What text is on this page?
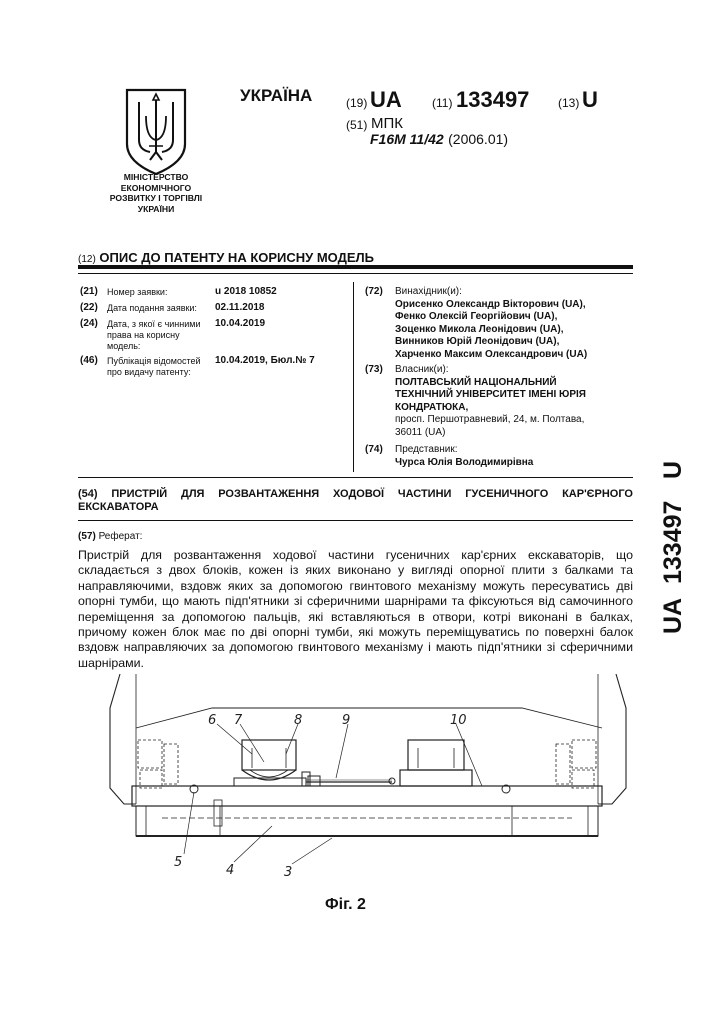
МІНІСТЕРСТВО
ЕКОНОМІЧНОГО
РОЗВИТКУ І ТОРГІВЛІ
УКРАЇНИ
УКРАЇНА	(19) UA	(11) 133497 (13) U
(51) МПК
F16M 11/42 (2006.01)
(12) ОПИС ДО ПАТЕНТУ НА КОРИСНУ МОДЕЛЬ
(21) Номер заявки:	u 2018 10852
(22) Дата подання заявки: 02.11.2018
(24) Дата, з якої є чинними права на корисну модель:
10.04.2019
(46) Публікація відомостей про видачу патенту:
10.04.2019, Бюл.№ 7
(72) Винахідник(и):
Орисенко Олександр Вікторович (UA),
Фенко Олексій Георгійович (UA),
Зоценко Микола Леонідович (UA),
Винников Юрій Леонідович (UA),
Харченко Максим Олександрович (UA)
(73) Власник(и):
ПОЛТАВСЬКИЙ НАЦІОНАЛЬНИЙ
ТЕХНІЧНИЙ УНІВЕРСИТЕТ ІМЕНІ ЮРІЯ
КОНДРАТЮКА,
просп. Першотравневий, 24, м. Полтава,
36011 (UA)
(74) Представник:
Чурса Юлія Володимирівна
(54) ПРИСТРІЙ ДЛЯ РОЗВАНТАЖЕННЯ ХОДОВОЇ ЧАСТИНИ ГУСЕНИЧНОГО КАР'ЄРНОГО ЕКСКАВАТОРА
(57) Реферат:
Пристрій для розвантаження ходової частини гусеничних кар'єрних екскаваторів, що складається з двох блоків, кожен із яких виконано у вигляді опорної плити з балками та направляючими, вздовж яких за допомогою гвинтового механізму можуть пересуватись дві опорні тумби, що мають підп'ятники зі сферичними шарнірами та фіксуються від самочинного переміщення за допомогою пальців, які вставляються в отвори, котрі виконані в балках, причому кожен блок має по дві опорні тумби, які можуть переміщуватись по поверхні балок вздовж направляючих за допомогою гвинтового механізму і мають підп'ятники зі сферичними шарнірами.
UA
133497
U
6 7	8	9	10
5
4	3
Фіг. 2
